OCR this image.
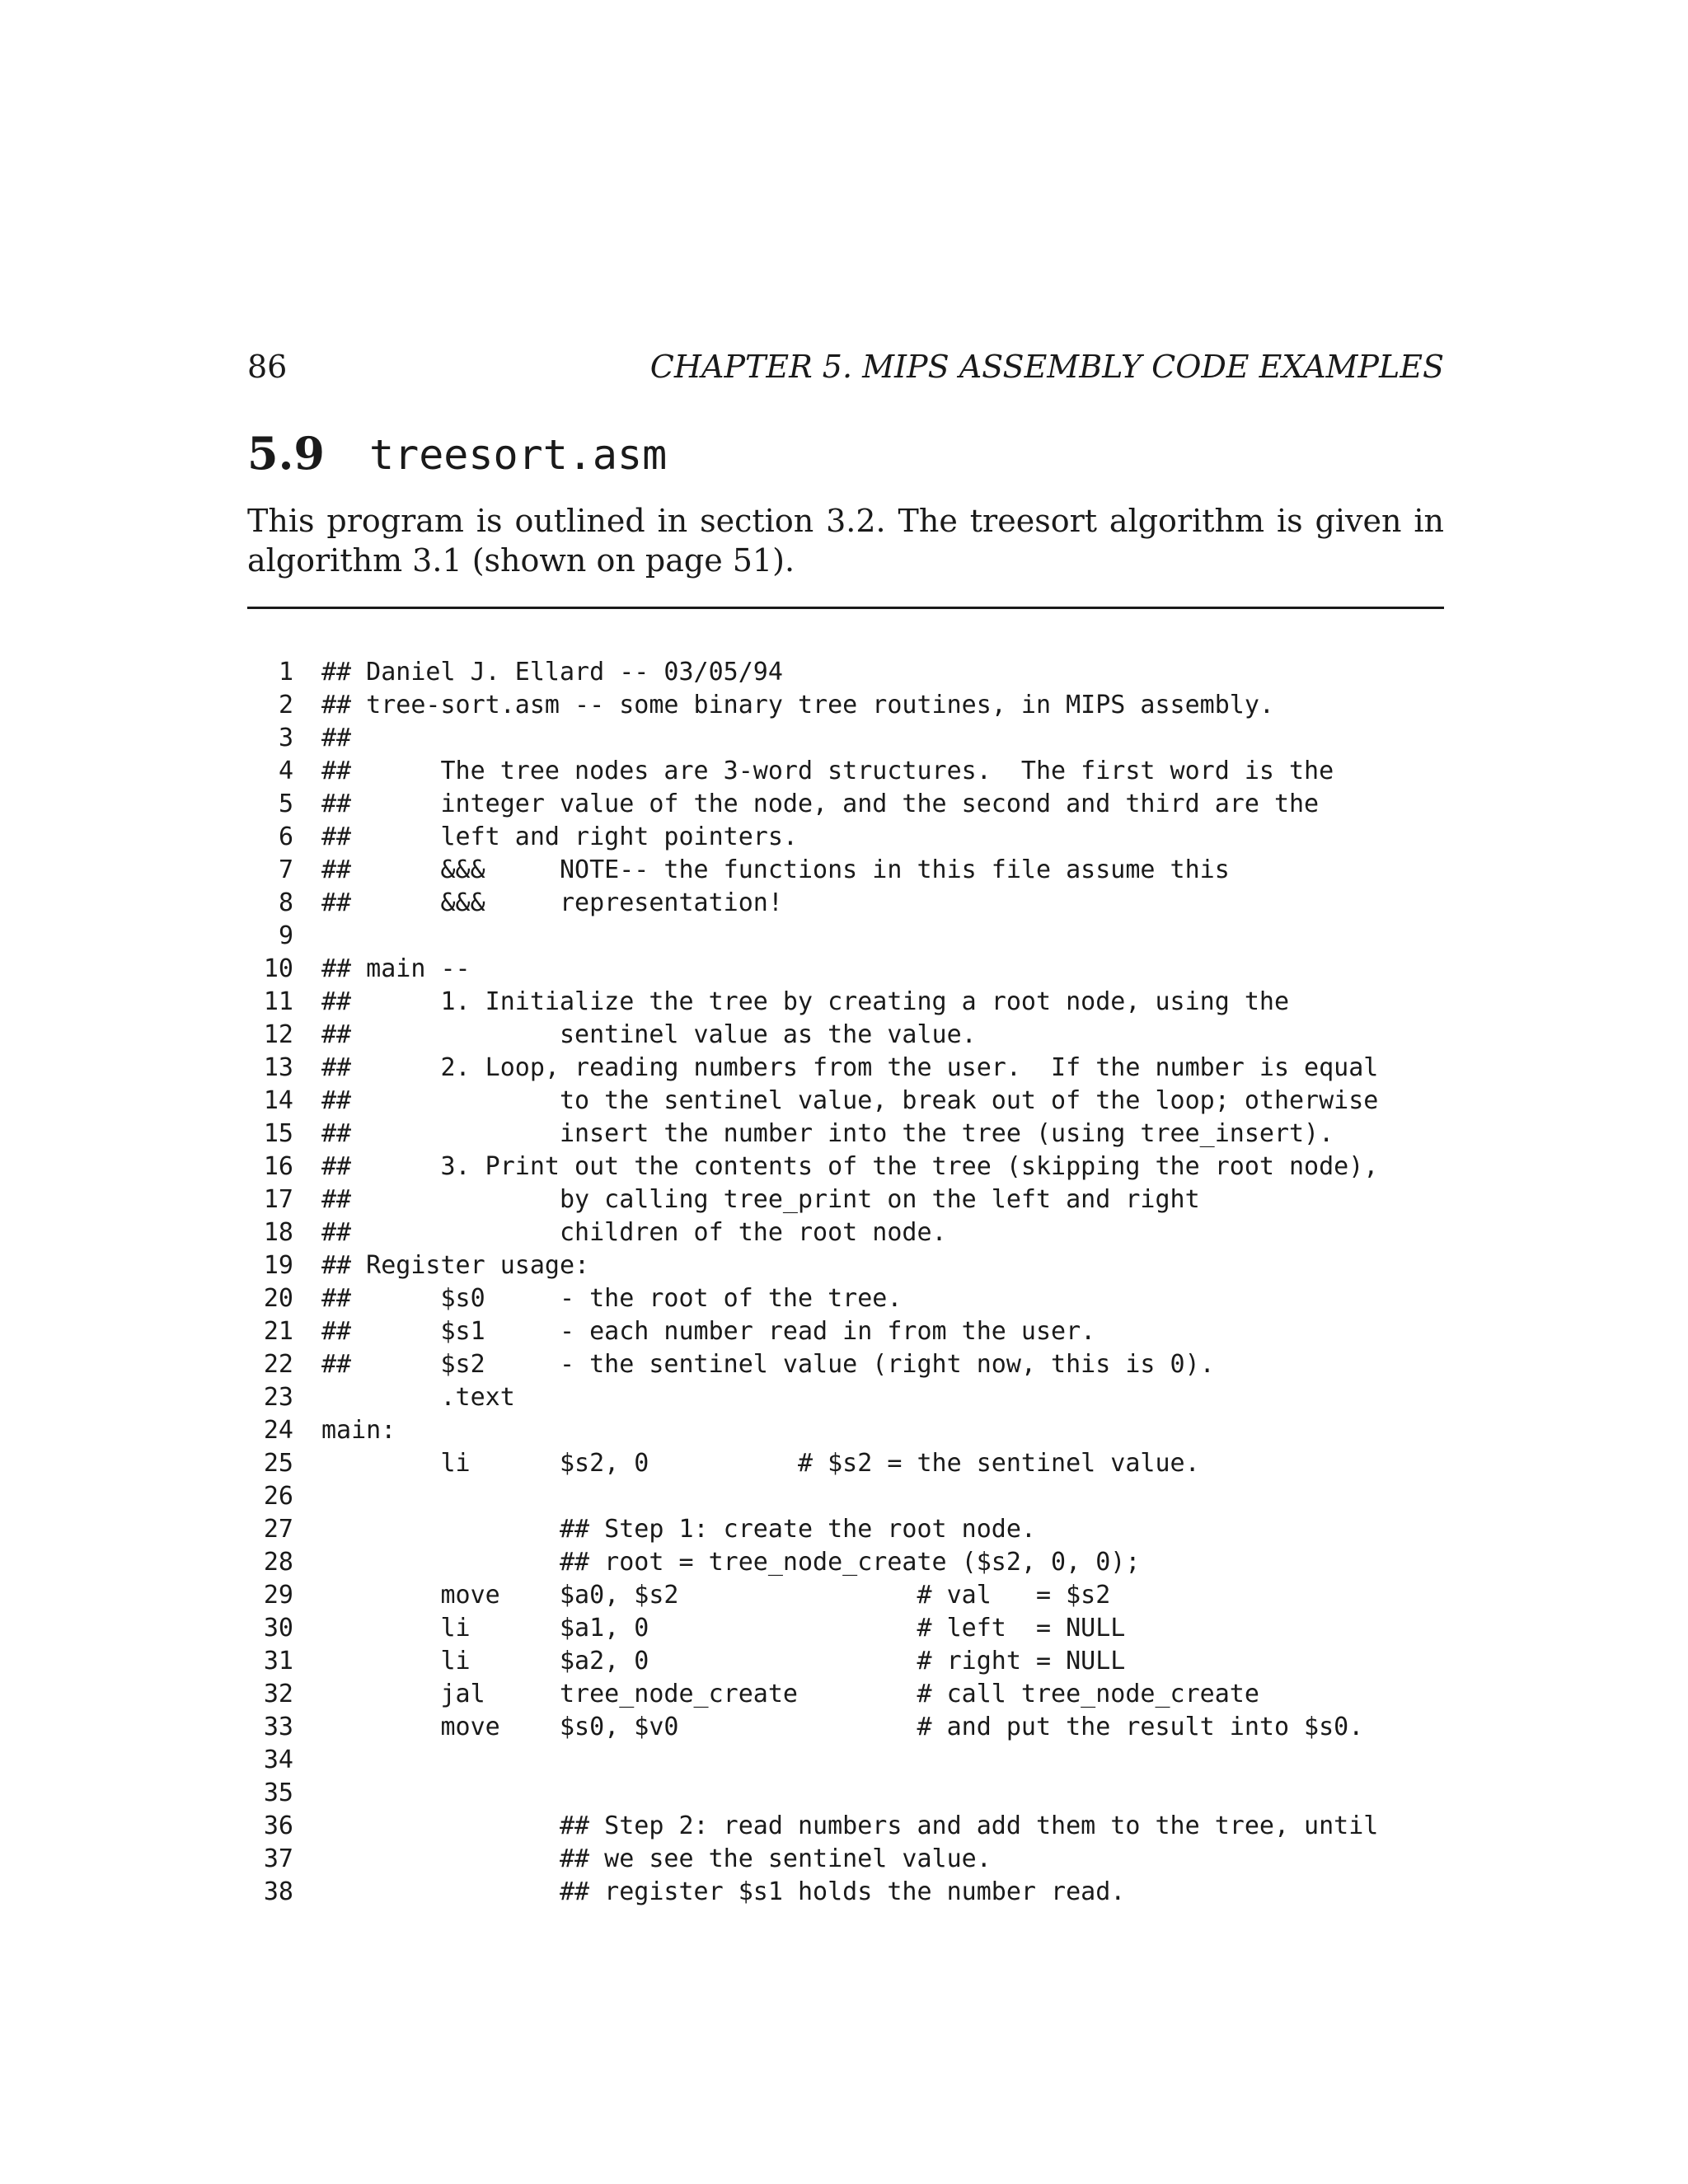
86	CHAPTER 5. MIPS ASSEMBLY CODE EXAMPLES
5.9 treesort.asm

This program is outlined in section 3.2. The treesort algorithm is given in algorithm 3.1 (shown on page 51).

1 ## Daniel J. Ellard -- 03/05/94
2 ## tree-sort.asm -- some binary tree routines, in MIPS assembly.
3 ##
4 ##      The tree nodes are 3-word structures.  The first word is the
5 ##      integer value of the node, and the second and third are the
6 ##      left and right pointers.
7 ##      &&&     NOTE-- the functions in this file assume this
8 ##      &&&     representation!
9
10 ## main --
11 ##      1. Initialize the tree by creating a root node, using the
12 ##              sentinel value as the value.
13 ##      2. Loop, reading numbers from the user.  If the number is equal
14 ##              to the sentinel value, break out of the loop; otherwise
15 ##              insert the number into the tree (using tree_insert).
16 ##      3. Print out the contents of the tree (skipping the root node),
17 ##              by calling tree_print on the left and right
18 ##              children of the root node.
19 ## Register usage:
20 ##      $s0     - the root of the tree.
21 ##      $s1     - each number read in from the user.
22 ##      $s2     - the sentinel value (right now, this is 0).
23 .text
24 main:
25 li      $s2, 0          # $s2 = the sentinel value.
26
27 ## Step 1: create the root node.
28 ## root = tree_node_create ($s2, 0, 0);
29 move    $a0, $s2                # val   = $s2
30 li      $a1, 0                  # left  = NULL
31 li      $a2, 0                  # right = NULL
32 jal     tree_node_create        # call tree_node_create
33 move    $s0, $v0                # and put the result into $s0.
34
35
36 ## Step 2: read numbers and add them to the tree, until
37 ## we see the sentinel value.
38 ## register $s1 holds the number read.
